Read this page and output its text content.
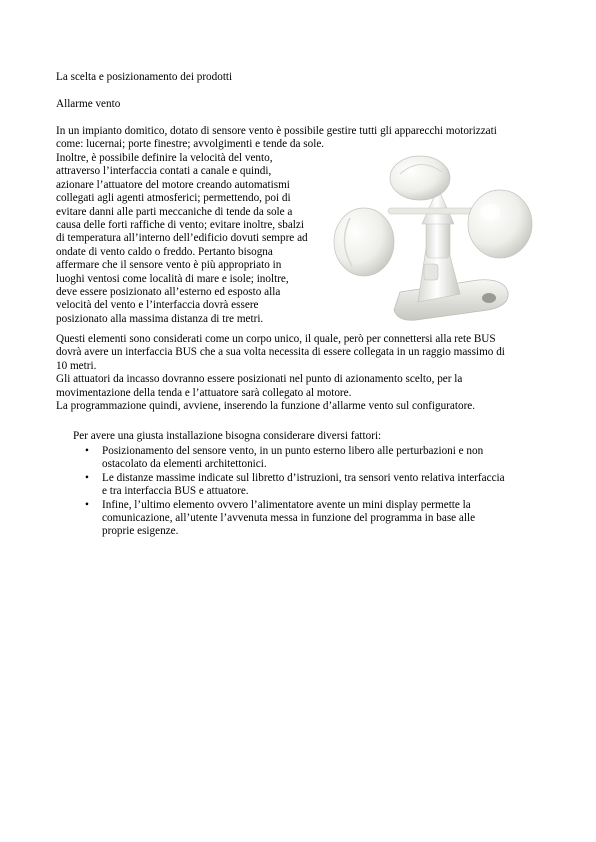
La scelta e posizionamento dei prodotti
Allarme vento
In un impianto domitico, dotato di sensore vento è possibile gestire tutti gli apparecchi motorizzati
come: lucernai; porte finestre; avvolgimenti e tende da sole.
Inoltre, è possibile definire la velocità del vento,
attraverso l’interfaccia contati a canale e quindi,
azionare l’attuatore del motore creando automatismi
collegati agli agenti atmosferici; permettendo, poi di
evitare danni alle parti meccaniche di tende da sole a
causa delle forti raffiche di vento; evitare inoltre, sbalzi
di temperatura all’interno dell’edificio dovuti sempre ad
ondate di vento caldo o freddo. Pertanto bisogna
affermare che il sensore vento è più appropriato in
luoghi ventosi come località di mare e isole; inoltre,
deve essere posizionato all’esterno ed esposto alla
velocità del vento e l’interfaccia dovrà essere
posizionato alla massima distanza di tre metri.
Questi elementi sono considerati come un corpo unico, il quale, però per connettersi alla rete BUS
dovrà avere un interfaccia BUS che a sua volta necessita di essere collegata in un raggio massimo di
10 metri.
Gli attuatori da incasso dovranno essere posizionati nel punto di azionamento scelto, per la
movimentazione della tenda e l’attuatore sarà collegato al motore.
La programmazione quindi, avviene, inserendo la funzione d’allarme vento sul configuratore.
Per avere una giusta installazione bisogna considerare diversi fattori:
• Posizionamento del sensore vento, in un punto esterno libero alle perturbazioni e non
ostacolato da elementi architettonici.
• Le distanze massime indicate sul libretto d’istruzioni, tra sensori vento relativa interfaccia
e tra interfaccia BUS e attuatore.
• Infine, l’ultimo elemento ovvero l’alimentatore avente un mini display permette la
comunicazione, all’utente l’avvenuta messa in funzione del programma in base alle
proprie esigenze.
